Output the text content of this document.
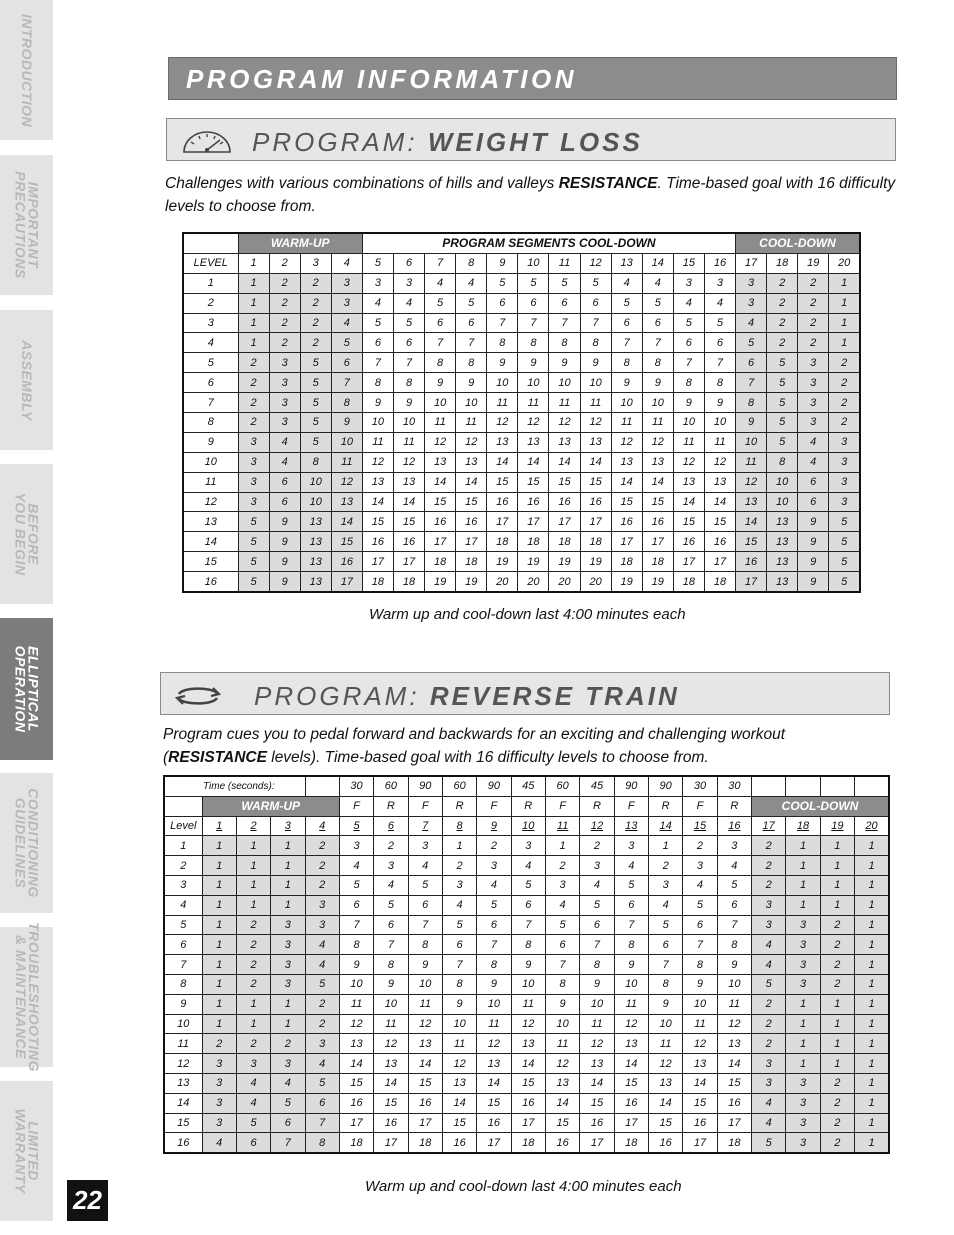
INTRODUCTION
IMPORTANT
PRECAUTIONS
ASSEMBLY
BEFORE
YOU BEGIN
ELLIPTICAL
OPERATION
CONDITIONING
GUIDELINES
TROUBLESHOOTING
& MAINTENANCE
LIMITED
WARRANTY
22
PROGRAM INFORMATION
PROGRAM: WEIGHT LOSS
Challenges with various combinations of hills and valleys RESISTANCE. Time-based goal with 16 difficulty levels to choose from.
	WARM-UP				PROGRAM SEGMENTS COOL-DOWN												COOL-DOWN			
LEVEL	1	2	3	4	5	6	7	8	9	10	11	12	13	14	15	16	17	18	19	20
1	1	2	2	3	3	3	4	4	5	5	5	5	4	4	3	3	3	2	2	1
2	1	2	2	3	4	4	5	5	6	6	6	6	5	5	4	4	3	2	2	1
3	1	2	2	4	5	5	6	6	7	7	7	7	6	6	5	5	4	2	2	1
4	1	2	2	5	6	6	7	7	8	8	8	8	7	7	6	6	5	2	2	1
5	2	3	5	6	7	7	8	8	9	9	9	9	8	8	7	7	6	5	3	2
6	2	3	5	7	8	8	9	9	10	10	10	10	9	9	8	8	7	5	3	2
7	2	3	5	8	9	9	10	10	11	11	11	11	10	10	9	9	8	5	3	2
8	2	3	5	9	10	10	11	11	12	12	12	12	11	11	10	10	9	5	3	2
9	3	4	5	10	11	11	12	12	13	13	13	13	12	12	11	11	10	5	4	3
10	3	4	8	11	12	12	13	13	14	14	14	14	13	13	12	12	11	8	4	3
11	3	6	10	12	13	13	14	14	15	15	15	15	14	14	13	13	12	10	6	3
12	3	6	10	13	14	14	15	15	16	16	16	16	15	15	14	14	13	10	6	3
13	5	9	13	14	15	15	16	16	17	17	17	17	16	16	15	15	14	13	9	5
14	5	9	13	15	16	16	17	17	18	18	18	18	17	17	16	16	15	13	9	5
15	5	9	13	16	17	17	18	18	19	19	19	19	18	18	17	17	16	13	9	5
16	5	9	13	17	18	18	19	19	20	20	20	20	19	19	18	18	17	13	9	5
Warm up and cool-down last 4:00 minutes each
PROGRAM: REVERSE TRAIN
Program cues you to pedal forward and backwards for an exciting and challenging workout (RESISTANCE levels). Time-based goal with 16 difficulty levels to choose from.
Time (seconds):					30	60	90	60	90	45	60	45	90	90	30	30				
	WARM-UP				F	R	F	R	F	R	F	R	F	R	F	R	COOL-DOWN			
Level	1	2	3	4	5	6	7	8	9	10	11	12	13	14	15	16	17	18	19	20
1	1	1	1	2	3	2	3	1	2	3	1	2	3	1	2	3	2	1	1	1
2	1	1	1	2	4	3	4	2	3	4	2	3	4	2	3	4	2	1	1	1
3	1	1	1	2	5	4	5	3	4	5	3	4	5	3	4	5	2	1	1	1
4	1	1	1	3	6	5	6	4	5	6	4	5	6	4	5	6	3	1	1	1
5	1	2	3	3	7	6	7	5	6	7	5	6	7	5	6	7	3	3	2	1
6	1	2	3	4	8	7	8	6	7	8	6	7	8	6	7	8	4	3	2	1
7	1	2	3	4	9	8	9	7	8	9	7	8	9	7	8	9	4	3	2	1
8	1	2	3	5	10	9	10	8	9	10	8	9	10	8	9	10	5	3	2	1
9	1	1	1	2	11	10	11	9	10	11	9	10	11	9	10	11	2	1	1	1
10	1	1	1	2	12	11	12	10	11	12	10	11	12	10	11	12	2	1	1	1
11	2	2	2	3	13	12	13	11	12	13	11	12	13	11	12	13	2	1	1	1
12	3	3	3	4	14	13	14	12	13	14	12	13	14	12	13	14	3	1	1	1
13	3	4	4	5	15	14	15	13	14	15	13	14	15	13	14	15	3	3	2	1
14	3	4	5	6	16	15	16	14	15	16	14	15	16	14	15	16	4	3	2	1
15	3	5	6	7	17	16	17	15	16	17	15	16	17	15	16	17	4	3	2	1
16	4	6	7	8	18	17	18	16	17	18	16	17	18	16	17	18	5	3	2	1
Warm up and cool-down last 4:00 minutes each
